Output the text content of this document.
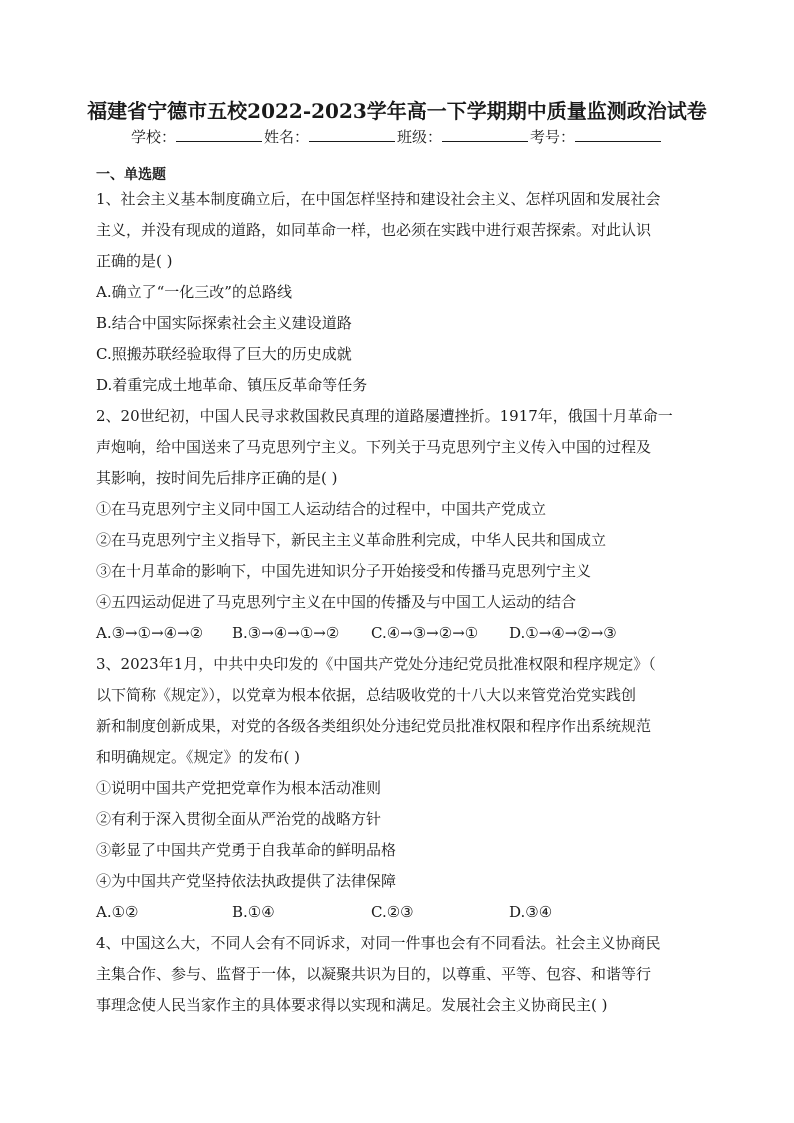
福建省宁德市五校2022-2023学年高一下学期期中质量监测政治试卷
学校：	姓名：	班级：	考号：
一、单选题
1、社会主义基本制度确立后，在中国怎样坚持和建设社会主义、怎样巩固和发展社会
主义，并没有现成的道路，如同革命一样，也必须在实践中进行艰苦探索。对此认识
正确的是( )
A.确立了“一化三改”的总路线
B.结合中国实际探索社会主义建设道路
C.照搬苏联经验取得了巨大的历史成就
D.着重完成土地革命、镇压反革命等任务
2、20世纪初，中国人民寻求救国救民真理的道路屡遭挫折。1917年，俄国十月革命一
声炮响，给中国送来了马克思列宁主义。下列关于马克思列宁主义传入中国的过程及
其影响，按时间先后排序正确的是( )
①在马克思列宁主义同中国工人运动结合的过程中，中国共产党成立
②在马克思列宁主义指导下，新民主主义革命胜利完成，中华人民共和国成立
③在十月革命的影响下，中国先进知识分子开始接受和传播马克思列宁主义
④五四运动促进了马克思列宁主义在中国的传播及与中国工人运动的结合
A.③→①→④→② B.③→④→①→② C.④→③→②→① D.①→④→②→③
3、2023年1月，中共中央印发的《中国共产党处分违纪党员批准权限和程序规定》（
以下简称《规定》），以党章为根本依据，总结吸收党的十八大以来管党治党实践创
新和制度创新成果，对党的各级各类组织处分违纪党员批准权限和程序作出系统规范
和明确规定。《规定》的发布( )
①说明中国共产党把党章作为根本活动准则
②有利于深入贯彻全面从严治党的战略方针
③彰显了中国共产党勇于自我革命的鲜明品格
④为中国共产党坚持依法执政提供了法律保障
A.①②	B.①④	C.②③	D.③④
4、中国这么大，不同人会有不同诉求，对同一件事也会有不同看法。社会主义协商民
主集合作、参与、监督于一体，以凝聚共识为目的，以尊重、平等、包容、和谐等行
事理念使人民当家作主的具体要求得以实现和满足。发展社会主义协商民主( )
